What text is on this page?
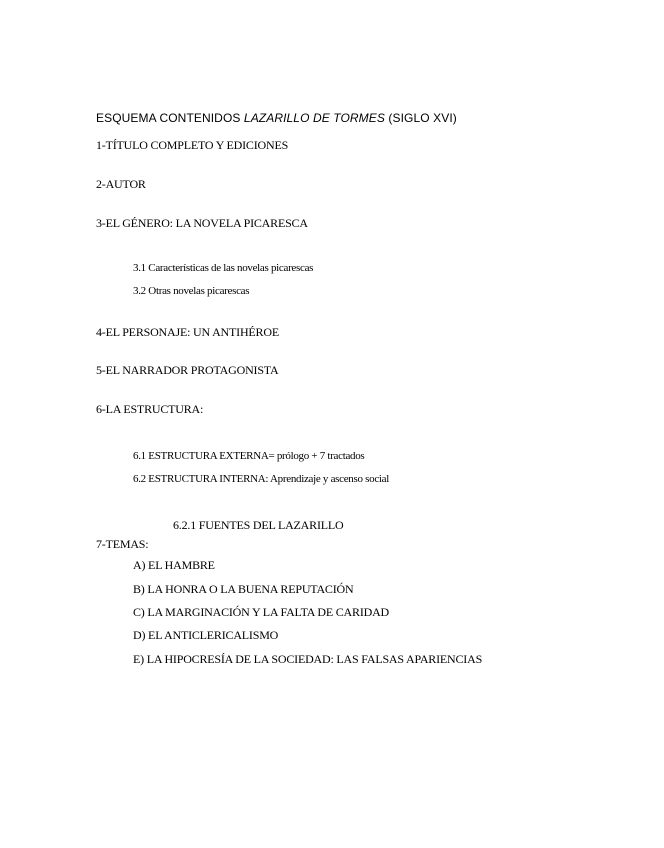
ESQUEMA CONTENIDOS LAZARILLO DE TORMES (SIGLO XVI)
1-TÍTULO COMPLETO Y EDICIONES
2-AUTOR
3-EL GÉNERO: LA NOVELA PICARESCA
3.1 Características de las novelas picarescas
3.2 Otras novelas picarescas
4-EL PERSONAJE: UN ANTIHÉROE
5-EL NARRADOR PROTAGONISTA
6-LA ESTRUCTURA:
6.1 ESTRUCTURA EXTERNA= prólogo + 7 tractados
6.2 ESTRUCTURA INTERNA: Aprendizaje y ascenso social
6.2.1 FUENTES DEL LAZARILLO
7-TEMAS:
A) EL HAMBRE
B) LA HONRA O LA BUENA REPUTACIÓN
C) LA MARGINACIÓN Y LA FALTA DE CARIDAD
D) EL ANTICLERICALISMO
E) LA HIPOCRESÍA DE LA SOCIEDAD: LAS FALSAS APARIENCIAS
